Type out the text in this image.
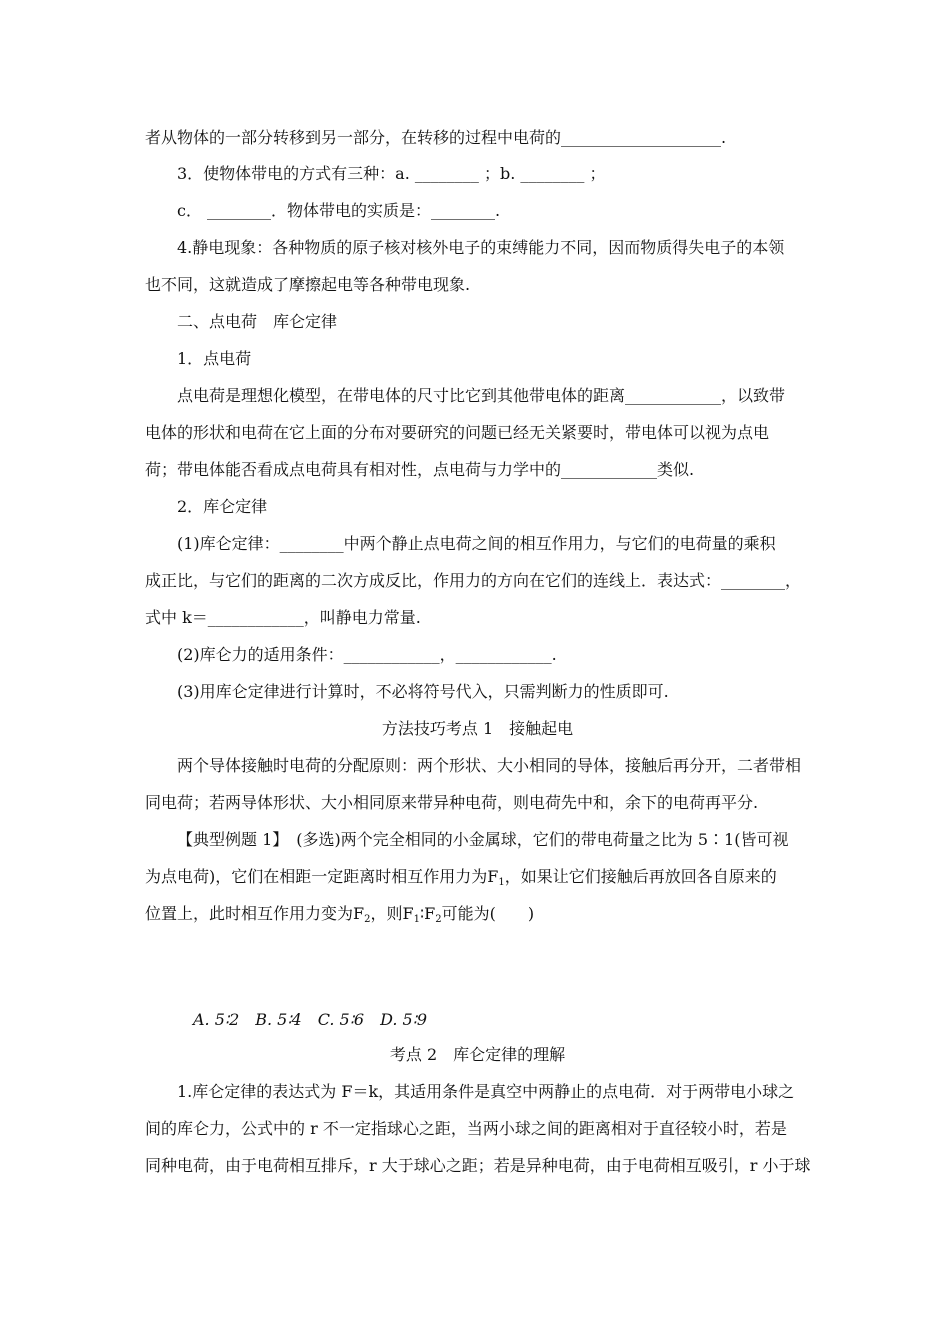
者从物体的一部分转移到另一部分，在转移的过程中电荷的____________________.
3．使物体带电的方式有三种：a. ________ ；b. ________ ；
c． ________．物体带电的实质是：________.
4.静电现象：各种物质的原子核对核外电子的束缚能力不同，因而物质得失电子的本领
也不同，这就造成了摩擦起电等各种带电现象.
二、点电荷　库仑定律
1．点电荷
点电荷是理想化模型，在带电体的尺寸比它到其他带电体的距离____________，以致带
电体的形状和电荷在它上面的分布对要研究的问题已经无关紧要时，带电体可以视为点电
荷；带电体能否看成点电荷具有相对性，点电荷与力学中的____________类似.
2．库仑定律
(1)库仑定律：________中两个静止点电荷之间的相互作用力，与它们的电荷量的乘积
成正比，与它们的距离的二次方成反比，作用力的方向在它们的连线上．表达式：________，
式中 k＝____________，叫静电力常量.
(2)库仑力的适用条件：____________，____________.
(3)用库仑定律进行计算时，不必将符号代入，只需判断力的性质即可.
方法技巧考点 1　接触起电
两个导体接触时电荷的分配原则：两个形状、大小相同的导体，接触后再分开，二者带相
同电荷；若两导体形状、大小相同原来带异种电荷，则电荷先中和，余下的电荷再平分.
【典型例题 1】　(多选)两个完全相同的小金属球，它们的带电荷量之比为 5∶1(皆可视
为点电荷)，它们在相距一定距离时相互作用力为$F_1$，如果让它们接触后再放回各自原来的
位置上，此时相互作用力变为$F_2$，则$F_1∶F_2$可能为(　　)
A. 5∶2　B. 5∶4　C. 5∶6　D. 5∶9
考点 2　库仑定律的理解
1.库仑定律的表达式为 F＝k，其适用条件是真空中两静止的点电荷．对于两带电小球之
间的库仑力，公式中的 r 不一定指球心之距，当两小球之间的距离相对于直径较小时，若是
同种电荷，由于电荷相互排斥，r 大于球心之距；若是异种电荷，由于电荷相互吸引，r 小于球
